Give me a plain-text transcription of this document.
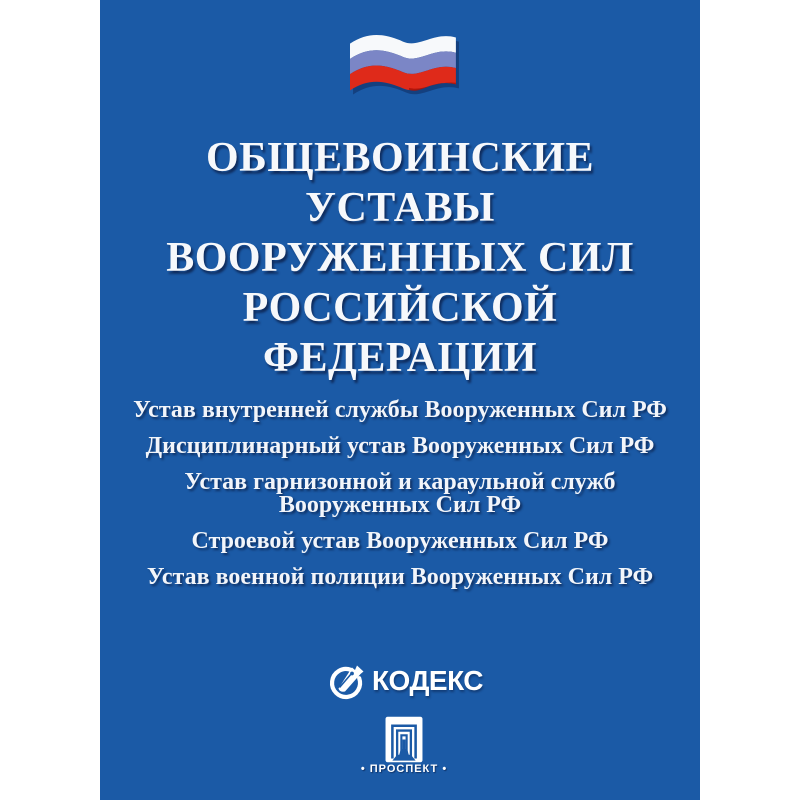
ОБЩЕВОИНСКИЕ
УСТАВЫ
ВООРУЖЕННЫХ СИЛ
РОССИЙСКОЙ
ФЕДЕРАЦИИ
Устав внутренней службы Вооруженных Сил РФ
Дисциплинарный устав Вооруженных Сил РФ
Устав гарнизонной и караульной служб
Вооруженных Сил РФ
Строевой устав Вооруженных Сил РФ
Устав военной полиции Вооруженных Сил РФ
КОДЕКС
• ПРОСПЕКТ •
